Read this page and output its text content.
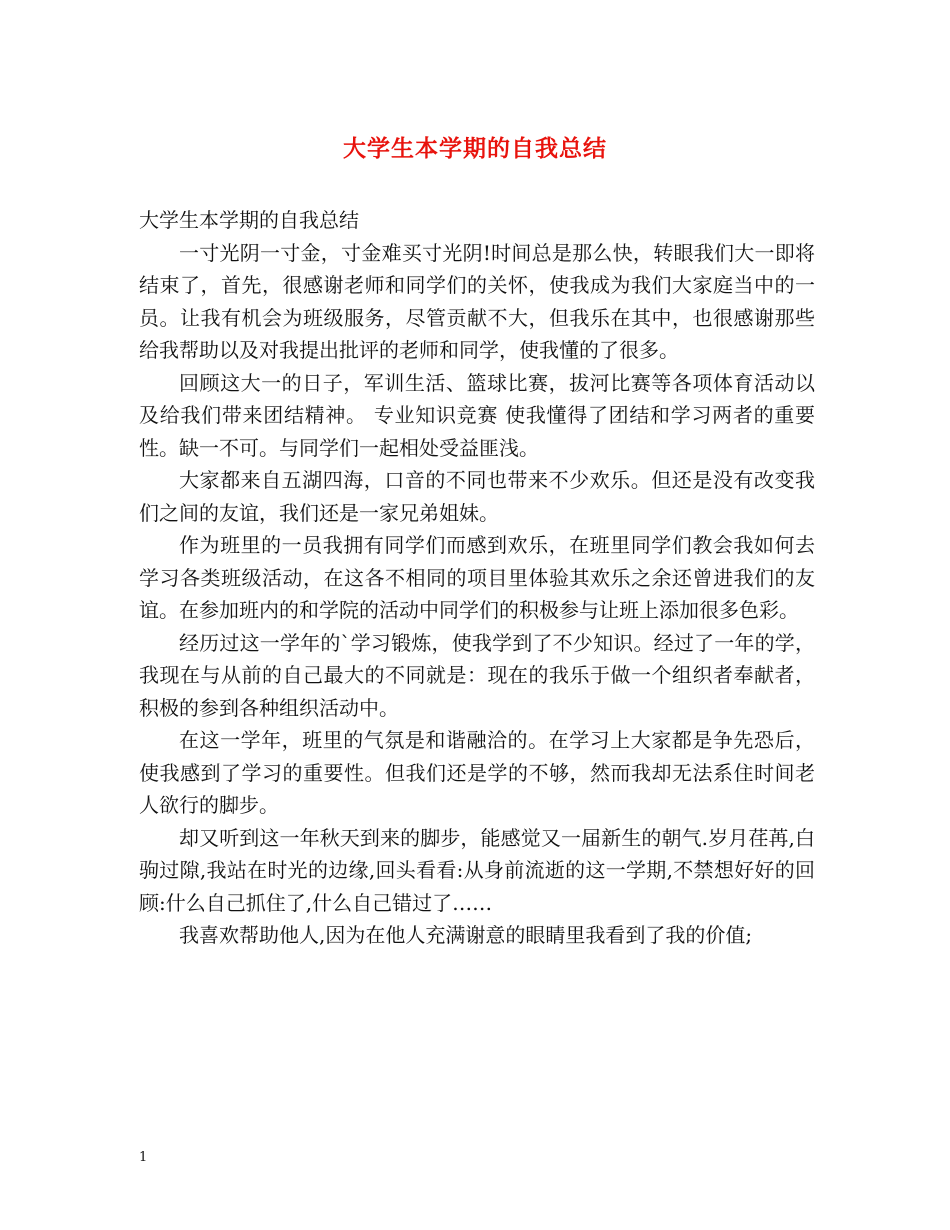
大学生本学期的自我总结

大学生本学期的自我总结

一寸光阴一寸金，寸金难买寸光阴!时间总是那么快，转眼我们大一即将结束了，首先，很感谢老师和同学们的关怀，使我成为我们大家庭当中的一员。让我有机会为班级服务，尽管贡献不大，但我乐在其中，也很感谢那些给我帮助以及对我提出批评的老师和同学，使我懂的了很多。

回顾这大一的日子，军训生活、篮球比赛，拔河比赛等各项体育活动以及给我们带来团结精神。 专业知识竞赛 使我懂得了团结和学习两者的重要性。缺一不可。与同学们一起相处受益匪浅。

大家都来自五湖四海，口音的不同也带来不少欢乐。但还是没有改变我们之间的友谊，我们还是一家兄弟姐妹。

作为班里的一员我拥有同学们而感到欢乐，在班里同学们教会我如何去学习各类班级活动，在这各不相同的项目里体验其欢乐之余还曾进我们的友谊。在参加班内的和学院的活动中同学们的积极参与让班上添加很多色彩。

经历过这一学年的`学习锻炼，使我学到了不少知识。经过了一年的学，我现在与从前的自己最大的不同就是：现在的我乐于做一个组织者奉献者，积极的参到各种组织活动中。

在这一学年，班里的气氛是和谐融洽的。在学习上大家都是争先恐后，使我感到了学习的重要性。但我们还是学的不够，然而我却无法系住时间老人欲行的脚步。

却又听到这一年秋天到来的脚步，能感觉又一届新生的朝气.岁月荏苒,白驹过隙,我站在时光的边缘,回头看看:从身前流逝的这一学期,不禁想好好的回顾:什么自己抓住了,什么自己错过了……

我喜欢帮助他人,因为在他人充满谢意的眼睛里我看到了我的价值;

1
